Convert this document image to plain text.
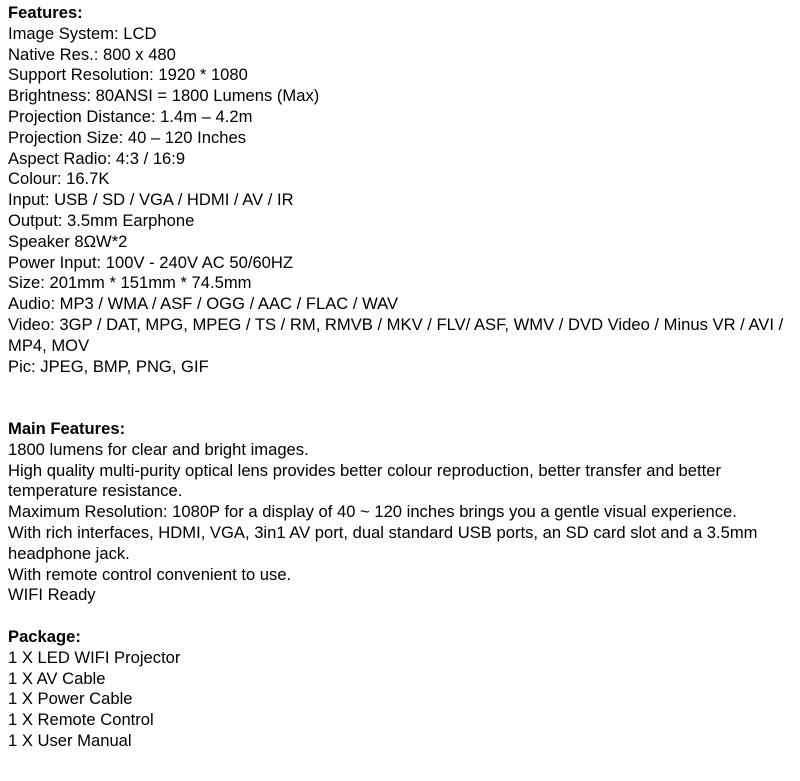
Features:
Image System: LCD
Native Res.: 800 x 480
Support Resolution: 1920 * 1080
Brightness: 80ANSI = 1800 Lumens (Max)
Projection Distance: 1.4m – 4.2m
Projection Size: 40 – 120 Inches
Aspect Radio: 4:3 / 16:9
Colour: 16.7K
Input: USB / SD / VGA / HDMI / AV / IR
Output: 3.5mm Earphone
Speaker 8ΩW*2
Power Input: 100V - 240V AC 50/60HZ
Size: 201mm * 151mm * 74.5mm
Audio: MP3 / WMA / ASF / OGG / AAC / FLAC / WAV
Video: 3GP / DAT, MPG, MPEG / TS / RM, RMVB / MKV / FLV/ ASF, WMV / DVD Video / Minus VR / AVI / MP4, MOV
Pic: JPEG, BMP, PNG, GIF
Main Features:
1800 lumens for clear and bright images.
High quality multi-purity optical lens provides better colour reproduction, better transfer and better temperature resistance.
Maximum Resolution: 1080P for a display of 40 ~ 120 inches brings you a gentle visual experience.
With rich interfaces, HDMI, VGA, 3in1 AV port, dual standard USB ports, an SD card slot and a 3.5mm headphone jack.
With remote control convenient to use.
WIFI Ready
Package:
1 X LED WIFI Projector
1 X AV Cable
1 X Power Cable
1 X Remote Control
1 X User Manual
